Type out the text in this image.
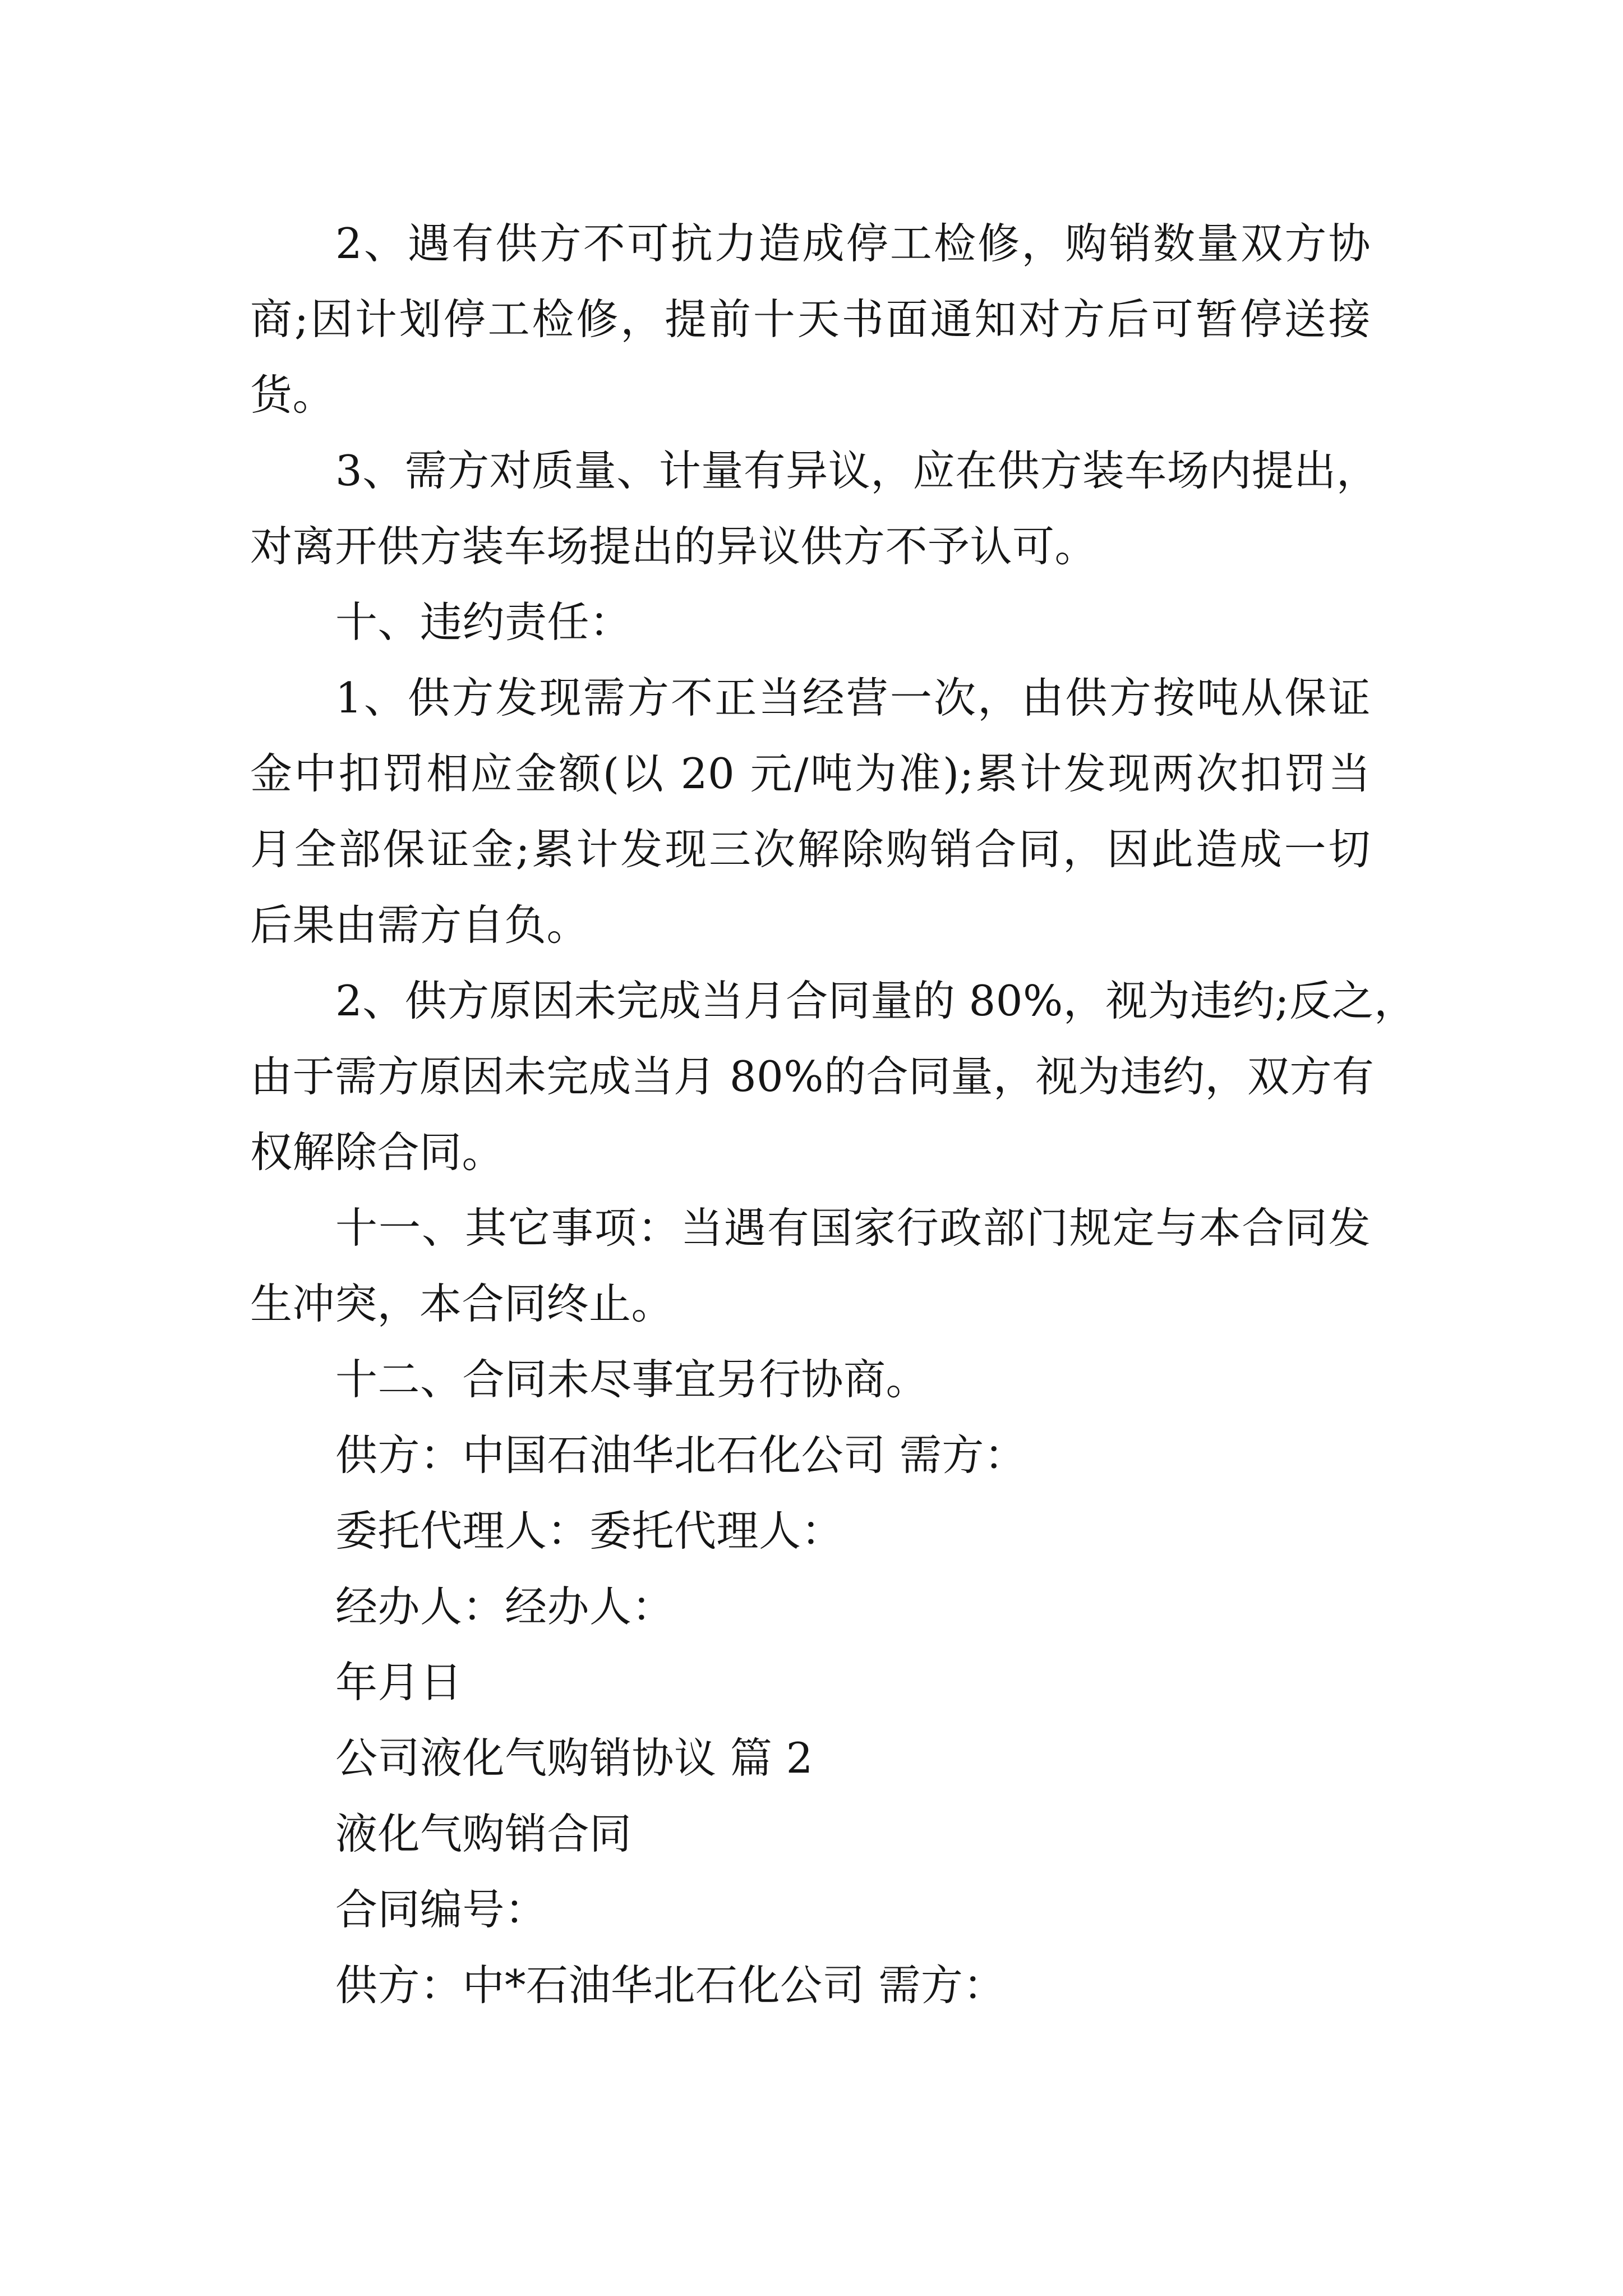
2、遇有供方不可抗力造成停工检修，购销数量双方协

商;因计划停工检修，提前十天书面通知对方后可暂停送接

货。

3、需方对质量、计量有异议，应在供方装车场内提出，

对离开供方装车场提出的异议供方不予认可。

十、违约责任：

1、供方发现需方不正当经营一次，由供方按吨从保证

金中扣罚相应金额(以 20 元/吨为准);累计发现两次扣罚当

月全部保证金;累计发现三次解除购销合同，因此造成一切

后果由需方自负。

2、供方原因未完成当月合同量的 80%，视为违约;反之，

由于需方原因未完成当月 80%的合同量，视为违约，双方有

权解除合同。

十一、其它事项：当遇有国家行政部门规定与本合同发

生冲突，本合同终止。

十二、合同未尽事宜另行协商。

供方：中国石油华北石化公司 需方：

委托代理人：委托代理人：

经办人：经办人：

年月日

公司液化气购销协议 篇 2

液化气购销合同

合同编号：

供方：中*石油华北石化公司 需方：
